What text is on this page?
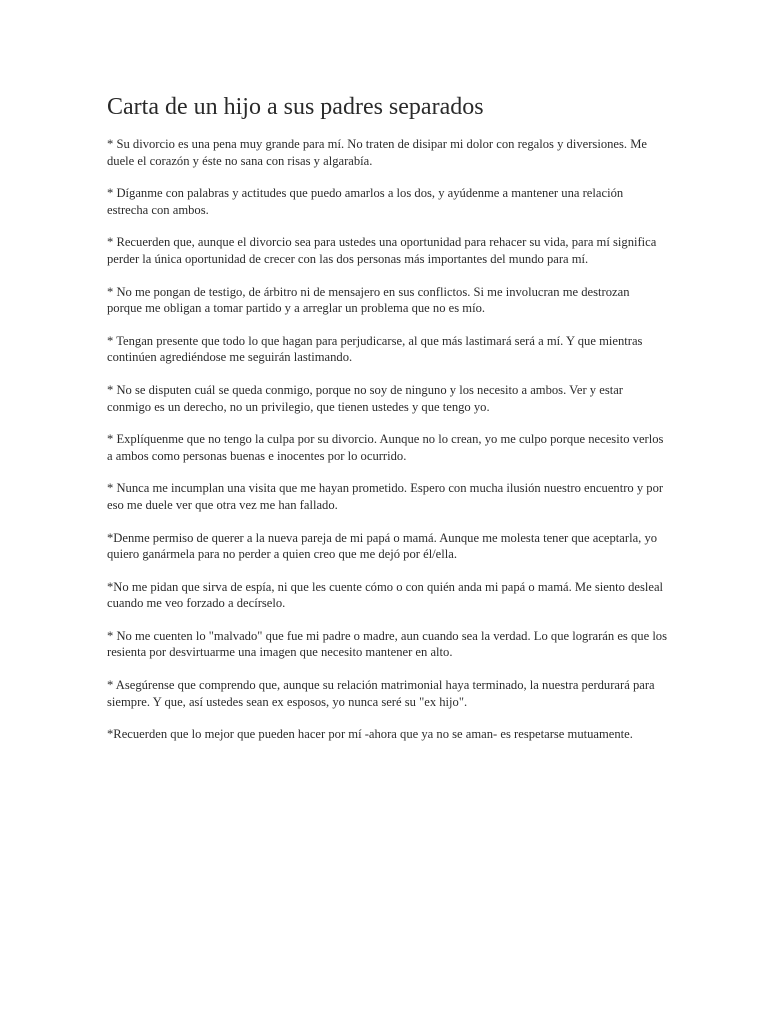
Carta de un hijo a sus padres separados

* Su divorcio es una pena muy grande para mí. No traten de disipar mi dolor con regalos y diversiones. Me duele el corazón y éste no sana con risas y algarabía.

* Díganme con palabras y actitudes que puedo amarlos a los dos, y ayúdenme a mantener una relación estrecha con ambos.

* Recuerden que, aunque el divorcio sea para ustedes una oportunidad para rehacer su vida, para mí significa perder la única oportunidad de crecer con las dos personas más importantes del mundo para mí.

* No me pongan de testigo, de árbitro ni de mensajero en sus conflictos. Si me involucran me destrozan porque me obligan a tomar partido y a arreglar un problema que no es mío.

* Tengan presente que todo lo que hagan para perjudicarse, al que más lastimará será a mí. Y que mientras continúen agrediéndose me seguirán lastimando.

* No se disputen cuál se queda conmigo, porque no soy de ninguno y los necesito a ambos. Ver y estar conmigo es un derecho, no un privilegio, que tienen ustedes y que tengo yo.

* Explíquenme que no tengo la culpa por su divorcio. Aunque no lo crean, yo me culpo porque necesito verlos a ambos como personas buenas e inocentes por lo ocurrido.

* Nunca me incumplan una visita que me hayan prometido. Espero con mucha ilusión nuestro encuentro y por eso me duele ver que otra vez me han fallado.

*Denme permiso de querer a la nueva pareja de mi papá o mamá. Aunque me molesta tener que aceptarla, yo quiero ganármela para no perder a quien creo que me dejó por él/ella.

*No me pidan que sirva de espía, ni que les cuente cómo o con quién anda mi papá o mamá. Me siento desleal cuando me veo forzado a decírselo.

* No me cuenten lo "malvado" que fue mi padre o madre, aun cuando sea la verdad. Lo que lograrán es que los resienta por desvirtuarme una imagen que necesito mantener en alto.

* Asegúrense que comprendo que, aunque su relación matrimonial haya terminado, la nuestra perdurará para siempre. Y que, así ustedes sean ex esposos, yo nunca seré su "ex hijo".

*Recuerden que lo mejor que pueden hacer por mí -ahora que ya no se aman- es respetarse mutuamente.
